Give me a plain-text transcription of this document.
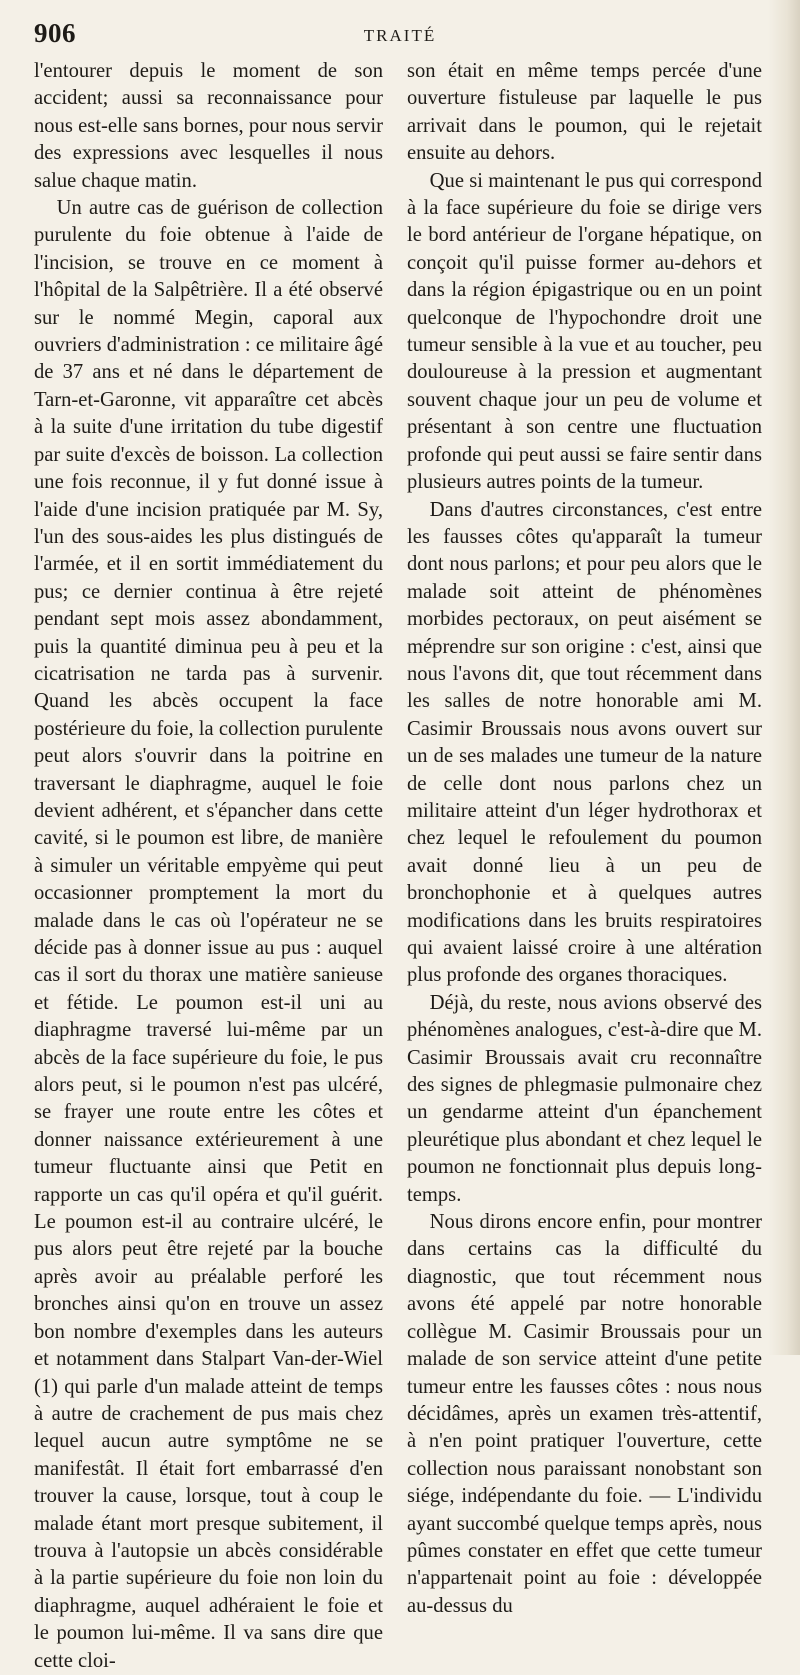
906	TRAITÉ

l'entourer depuis le moment de son accident; aussi sa reconnaissance pour nous est-elle sans bornes, pour nous servir des expressions avec lesquelles il nous salue chaque matin.

Un autre cas de guérison de collection purulente du foie obtenue à l'aide de l'incision, se trouve en ce moment à l'hôpital de la Salpêtrière. Il a été observé sur le nommé Megin, caporal aux ouvriers d'administration : ce militaire âgé de 37 ans et né dans le département de Tarn-et-Garonne, vit apparaître cet abcès à la suite d'une irritation du tube digestif par suite d'excès de boisson. La collection une fois reconnue, il y fut donné issue à l'aide d'une incision pratiquée par M. Sy, l'un des sous-aides les plus distingués de l'armée, et il en sortit immédiatement du pus; ce dernier continua à être rejeté pendant sept mois assez abondamment, puis la quantité diminua peu à peu et la cicatrisation ne tarda pas à survenir. Quand les abcès occupent la face postérieure du foie, la collection purulente peut alors s'ouvrir dans la poitrine en traversant le diaphragme, auquel le foie devient adhérent, et s'épancher dans cette cavité, si le poumon est libre, de manière à simuler un véritable empyème qui peut occasionner promptement la mort du malade dans le cas où l'opérateur ne se décide pas à donner issue au pus : auquel cas il sort du thorax une matière sanieuse et fétide. Le poumon est-il uni au diaphragme traversé lui-même par un abcès de la face supérieure du foie, le pus alors peut, si le poumon n'est pas ulcéré, se frayer une route entre les côtes et donner naissance extérieurement à une tumeur fluctuante ainsi que Petit en rapporte un cas qu'il opéra et qu'il guérit. Le poumon est-il au contraire ulcéré, le pus alors peut être rejeté par la bouche après avoir au préalable perforé les bronches ainsi qu'on en trouve un assez bon nombre d'exemples dans les auteurs et notamment dans Stalpart Van-der-Wiel (1) qui parle d'un malade atteint de temps à autre de crachement de pus mais chez lequel aucun autre symptôme ne se manifestât. Il était fort embarrassé d'en trouver la cause, lorsque, tout à coup le malade étant mort presque subitement, il trouva à l'autopsie un abcès considérable à la partie supérieure du foie non loin du diaphragme, auquel adhéraient le foie et le poumon lui-même. Il va sans dire que cette cloi-

son était en même temps percée d'une ouverture fistuleuse par laquelle le pus arrivait dans le poumon, qui le rejetait ensuite au dehors.

Que si maintenant le pus qui correspond à la face supérieure du foie se dirige vers le bord antérieur de l'organe hépatique, on conçoit qu'il puisse former au-dehors et dans la région épigastrique ou en un point quelconque de l'hypochondre droit une tumeur sensible à la vue et au toucher, peu douloureuse à la pression et augmentant souvent chaque jour un peu de volume et présentant à son centre une fluctuation profonde qui peut aussi se faire sentir dans plusieurs autres points de la tumeur.

Dans d'autres circonstances, c'est entre les fausses côtes qu'apparaît la tumeur dont nous parlons; et pour peu alors que le malade soit atteint de phénomènes morbides pectoraux, on peut aisément se méprendre sur son origine : c'est, ainsi que nous l'avons dit, que tout récemment dans les salles de notre honorable ami M. Casimir Broussais nous avons ouvert sur un de ses malades une tumeur de la nature de celle dont nous parlons chez un militaire atteint d'un léger hydrothorax et chez lequel le refoulement du poumon avait donné lieu à un peu de bronchophonie et à quelques autres modifications dans les bruits respiratoires qui avaient laissé croire à une altération plus profonde des organes thoraciques.

Déjà, du reste, nous avions observé des phénomènes analogues, c'est-à-dire que M. Casimir Broussais avait cru reconnaître des signes de phlegmasie pulmonaire chez un gendarme atteint d'un épanchement pleurétique plus abondant et chez lequel le poumon ne fonctionnait plus depuis long-temps.

Nous dirons encore enfin, pour montrer dans certains cas la difficulté du diagnostic, que tout récemment nous avons été appelé par notre honorable collègue M. Casimir Broussais pour un malade de son service atteint d'une petite tumeur entre les fausses côtes : nous nous décidâmes, après un examen très-attentif, à n'en point pratiquer l'ouverture, cette collection nous paraissant nonobstant son siége, indépendante du foie. — L'individu ayant succombé quelque temps après, nous pûmes constater en effet que cette tumeur n'appartenait point au foie : développée au-dessus du
